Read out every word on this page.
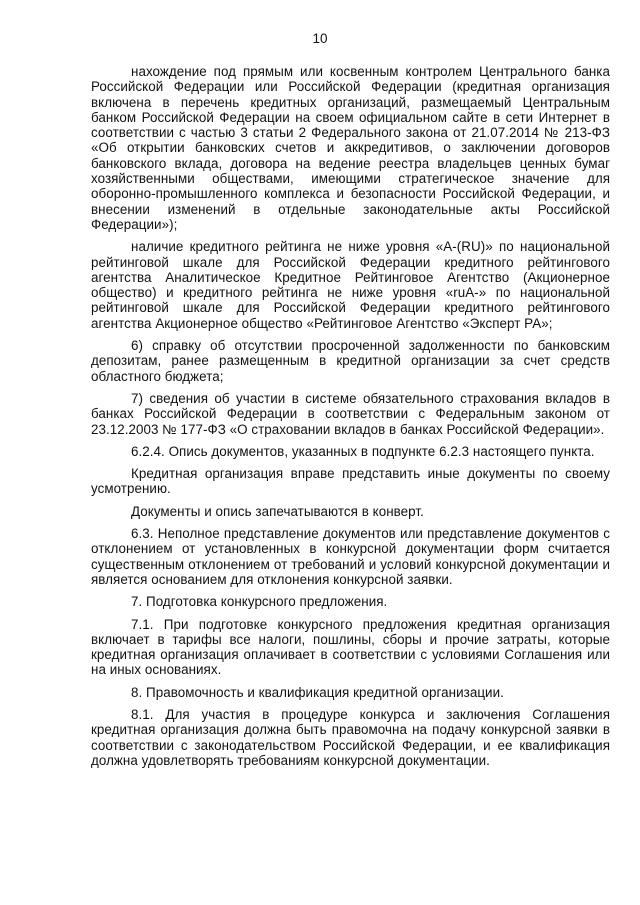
10

нахождение под прямым или косвенным контролем Центрального банка Российской Федерации или Российской Федерации (кредитная организация включена в перечень кредитных организаций, размещаемый Центральным банком Российской Федерации на своем официальном сайте в сети Интернет в соответствии с частью 3 статьи 2 Федерального закона от 21.07.2014 № 213-ФЗ «Об открытии банковских счетов и аккредитивов, о заключении договоров банковского вклада, договора на ведение реестра владельцев ценных бумаг хозяйственными обществами, имеющими стратегическое значение для оборонно-промышленного комплекса и безопасности Российской Федерации, и внесении изменений в отдельные законодательные акты Российской Федерации»);

наличие кредитного рейтинга не ниже уровня «A-(RU)» по национальной рейтинговой шкале для Российской Федерации кредитного рейтингового агентства Аналитическое Кредитное Рейтинговое Агентство (Акционерное общество) и кредитного рейтинга не ниже уровня «ruA-» по национальной рейтинговой шкале для Российской Федерации кредитного рейтингового агентства Акционерное общество «Рейтинговое Агентство «Эксперт РА»;

6) справку об отсутствии просроченной задолженности по банковским депозитам, ранее размещенным в кредитной организации за счет средств областного бюджета;

7) сведения об участии в системе обязательного страхования вкладов в банках Российской Федерации в соответствии с Федеральным законом от 23.12.2003 № 177-ФЗ «О страховании вкладов в банках Российской Федерации».

6.2.4. Опись документов, указанных в подпункте 6.2.3 настоящего пункта.

Кредитная организация вправе представить иные документы по своему усмотрению.

Документы и опись запечатываются в конверт.

6.3. Неполное представление документов или представление документов с отклонением от установленных в конкурсной документации форм считается существенным отклонением от требований и условий конкурсной документации и является основанием для отклонения конкурсной заявки.

7. Подготовка конкурсного предложения.

7.1. При подготовке конкурсного предложения кредитная организация включает в тарифы все налоги, пошлины, сборы и прочие затраты, которые кредитная организация оплачивает в соответствии с условиями Соглашения или на иных основаниях.

8. Правомочность и квалификация кредитной организации.

8.1. Для участия в процедуре конкурса и заключения Соглашения кредитная организация должна быть правомочна на подачу конкурсной заявки в соответствии с законодательством Российской Федерации, и ее квалификация должна удовлетворять требованиям конкурсной документации.
